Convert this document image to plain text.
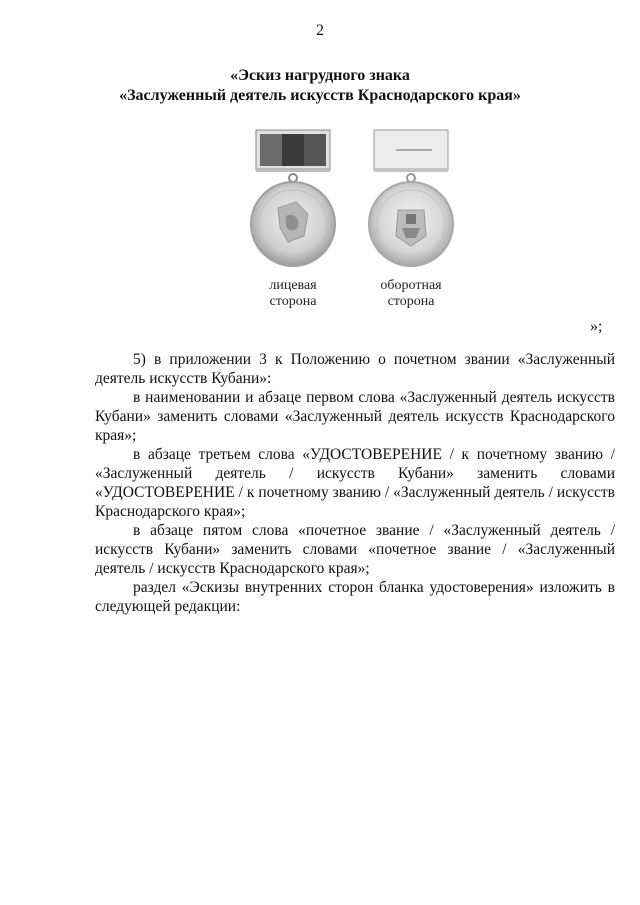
2
«Эскиз нагрудного знака
«Заслуженный деятель искусств Краснодарского края»
лицевая
сторона
оборотная
сторона
»;

5) в приложении 3 к Положению о почетном звании «Заслуженный деятель искусств Кубани»:

в наименовании и абзаце первом слова «Заслуженный деятель искусств Кубани» заменить словами «Заслуженный деятель искусств Краснодарского края»;

в абзаце третьем слова «УДОСТОВЕРЕНИЕ / к почетному званию / «Заслуженный деятель / искусств Кубани» заменить словами «УДОСТОВЕРЕНИЕ / к почетному званию / «Заслуженный деятель / искусств Краснодарского края»;

в абзаце пятом слова «почетное звание / «Заслуженный деятель / искусств Кубани» заменить словами «почетное звание / «Заслуженный деятель / искусств Краснодарского края»;

раздел «Эскизы внутренних сторон бланка удостоверения» изложить в следующей редакции:
